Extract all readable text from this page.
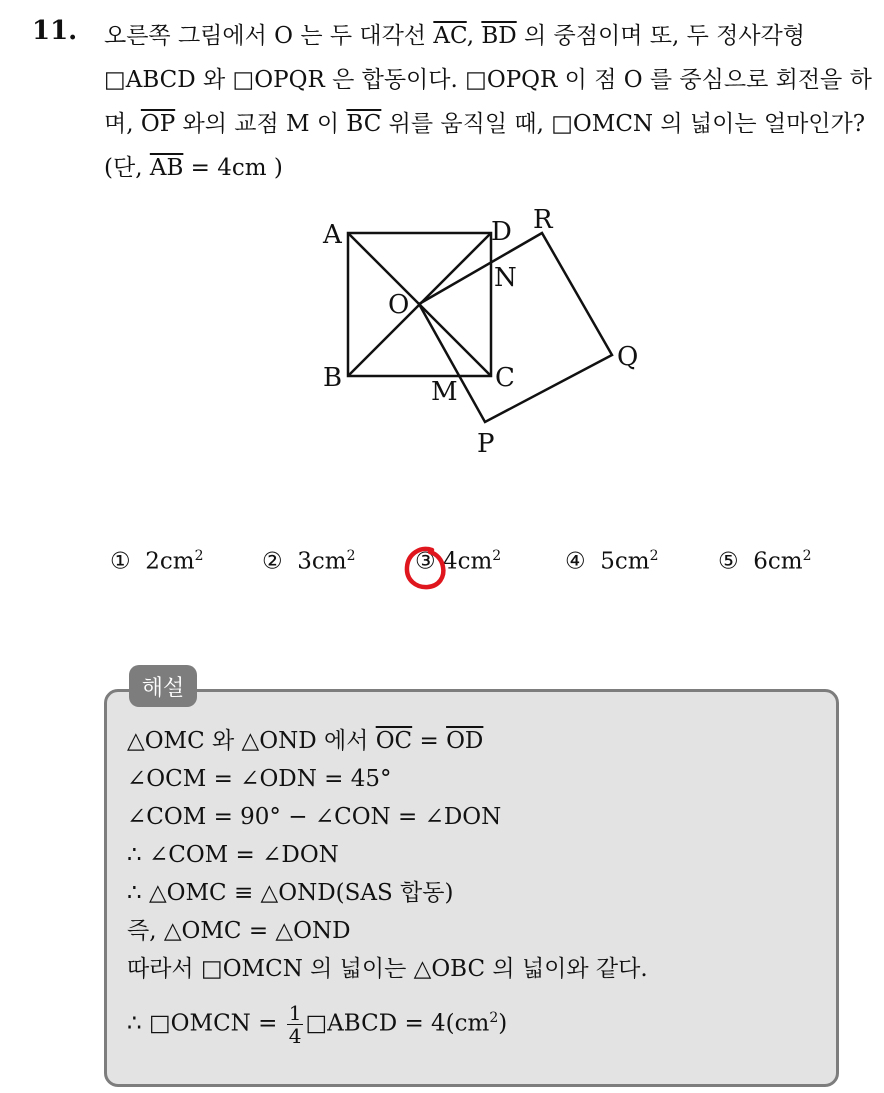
11. 오른쪽 그림에서 O 는 두 대각선 $\overline{AC}$, $\overline{BD}$ 의 중점이며 또, 두 정사각형 □ABCD 와 □OPQR 은 합동이다. □OPQR 이 점 O 를 중심으로 회전을 하며, $\overline{OP}$ 와의 교점 M 이 $\overline{BC}$ 위를 움직일 때, □OMCN 의 넓이는 얼마인가? (단, $\overline{AB} = 4cm$ )
A	D R
N
O
Q
B	C
M
P
① $2cm^2$	② $3cm^2$	③ $4cm^2$	④ $5cm^2$	⑤ $6cm^2$
해설
△OMC 와 △OND 에서 $\overline{OC} = \overline{OD}$
∠OCM = ∠ODN = 45°
∠COM = 90° − ∠CON = ∠DON
∴ ∠COM = ∠DON
∴ △OMC ≡ △OND(SAS 합동)
즉, △OMC = △OND
따라서 □OMCN 의 넓이는 △OBC 의 넓이와 같다.
∴ □OMCN = $\frac{1}{4}$ □ABCD = $4(cm^2)$
